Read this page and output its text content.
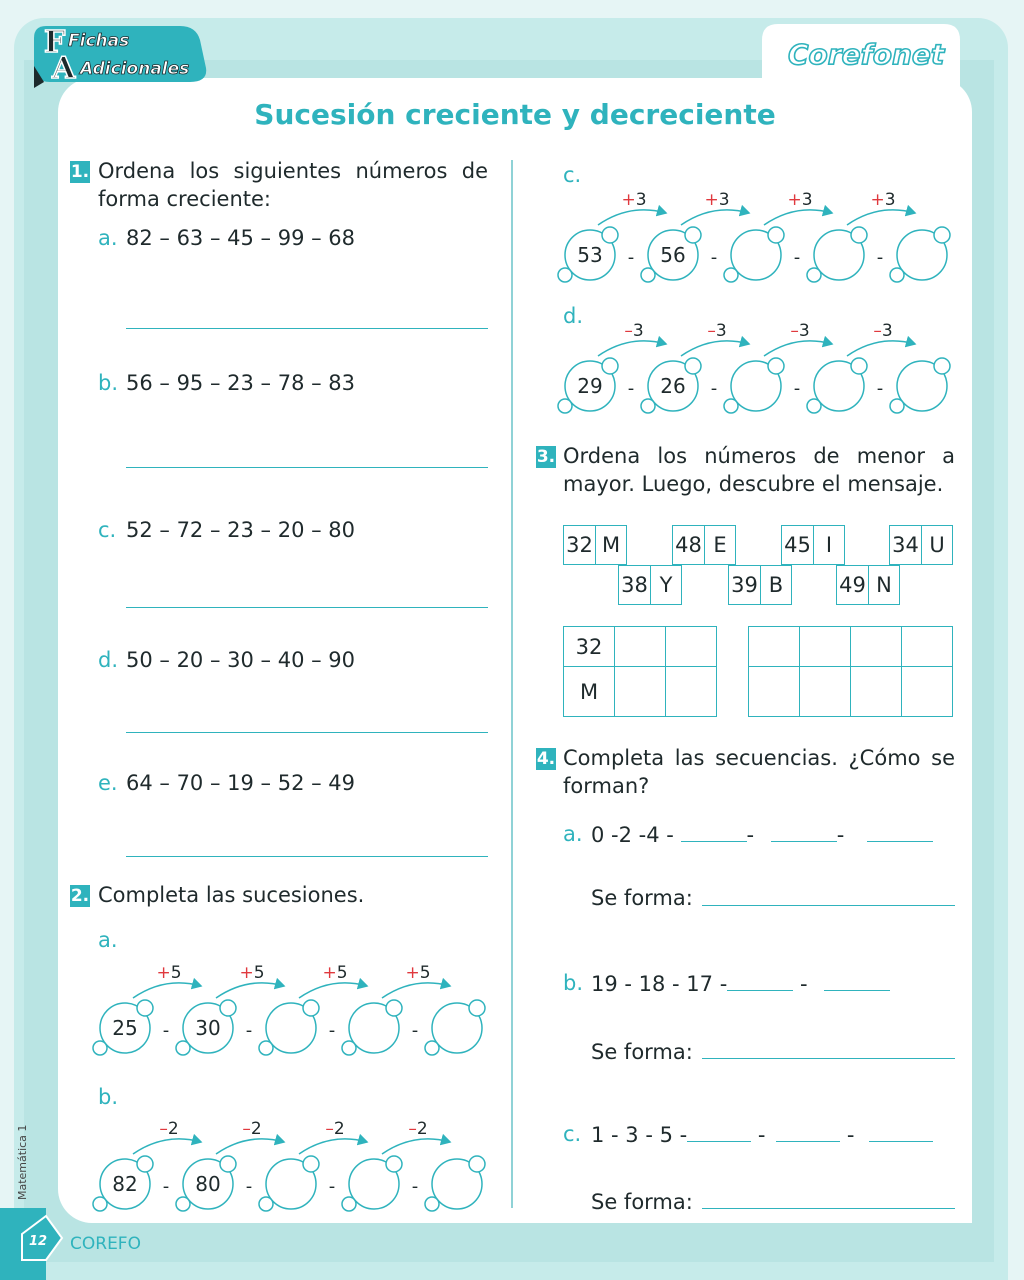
F Fichas
A Adicionales	Corefonet
Sucesión creciente y decreciente
1. Ordena los siguientes números de forma creciente:
a. 82 – 63 – 45 – 99 – 68
b. 56 – 95 – 23 – 78 – 83
c. 52 – 72 – 23 – 20 – 80
d. 50 – 20 – 30 – 40 – 90
e. 64 – 70 – 19 – 52 – 49
2. Completa las sucesiones.
a.
25 -
+5
30 -
+5
-
+5
-
+5
b.
82 -
–2
80 -
–2
-
–2
-
–2
c.
53 -
+3
56 -
+3
-
+3
-
+3
d.
29 -
–3
26 -
–3
-
–3
-
–3
3. Ordena los números de menor a mayor. Luego, descubre el mensaje.
32 M	48 E	45 I	34 U
38 Y	39 B	49 N
32		
M		

4. Completa las secuencias. ¿Cómo se forman?
a. 0 -2 -4 -	-	-
Se forma:
b. 19 - 18 - 17 -	-
Se forma:
c. 1 - 3 - 5 -	-	-
Se forma:
12 COREFO
Matemática 1
